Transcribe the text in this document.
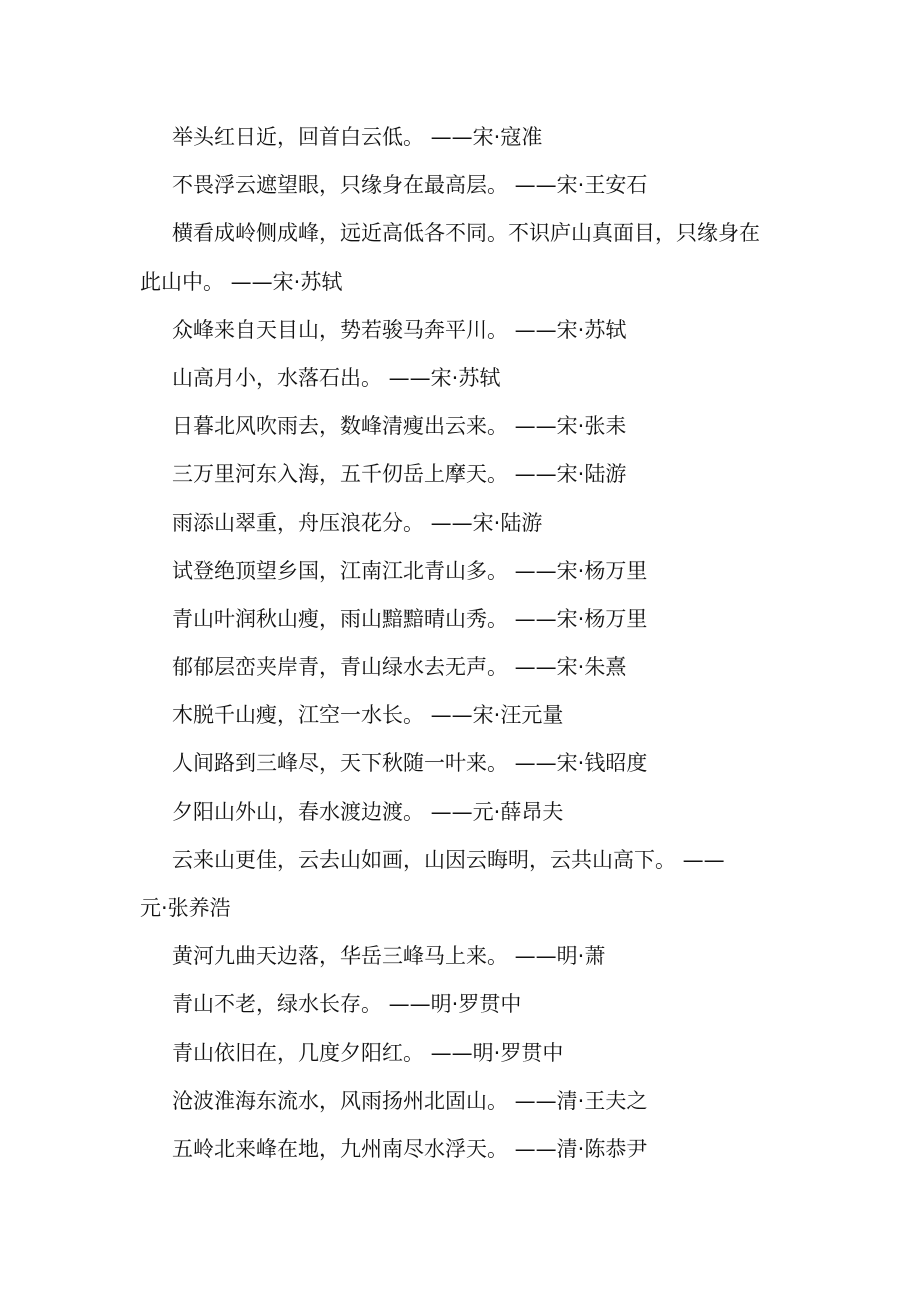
举头红日近，回首白云低。 ——宋·寇准
不畏浮云遮望眼，只缘身在最高层。 ——宋·王安石
横看成岭侧成峰，远近高低各不同。不识庐山真面目，只缘身在
此山中。 ——宋·苏轼
众峰来自天目山，势若骏马奔平川。 ——宋·苏轼
山高月小，水落石出。 ——宋·苏轼
日暮北风吹雨去，数峰清瘦出云来。 ——宋·张耒
三万里河东入海，五千仞岳上摩天。 ——宋·陆游
雨添山翠重，舟压浪花分。 ——宋·陆游
试登绝顶望乡国，江南江北青山多。 ——宋·杨万里
青山叶润秋山瘦，雨山黯黯晴山秀。 ——宋·杨万里
郁郁层峦夹岸青，青山绿水去无声。 ——宋·朱熹
木脱千山瘦，江空一水长。 ——宋·汪元量
人间路到三峰尽，天下秋随一叶来。 ——宋·钱昭度
夕阳山外山，春水渡边渡。 ——元·薛昂夫
云来山更佳，云去山如画，山因云晦明，云共山高下。 ——
元·张养浩
黄河九曲天边落，华岳三峰马上来。 ——明·萧
青山不老，绿水长存。 ——明·罗贯中
青山依旧在，几度夕阳红。 ——明·罗贯中
沧波淮海东流水，风雨扬州北固山。 ——清·王夫之
五岭北来峰在地，九州南尽水浮天。 ——清·陈恭尹
